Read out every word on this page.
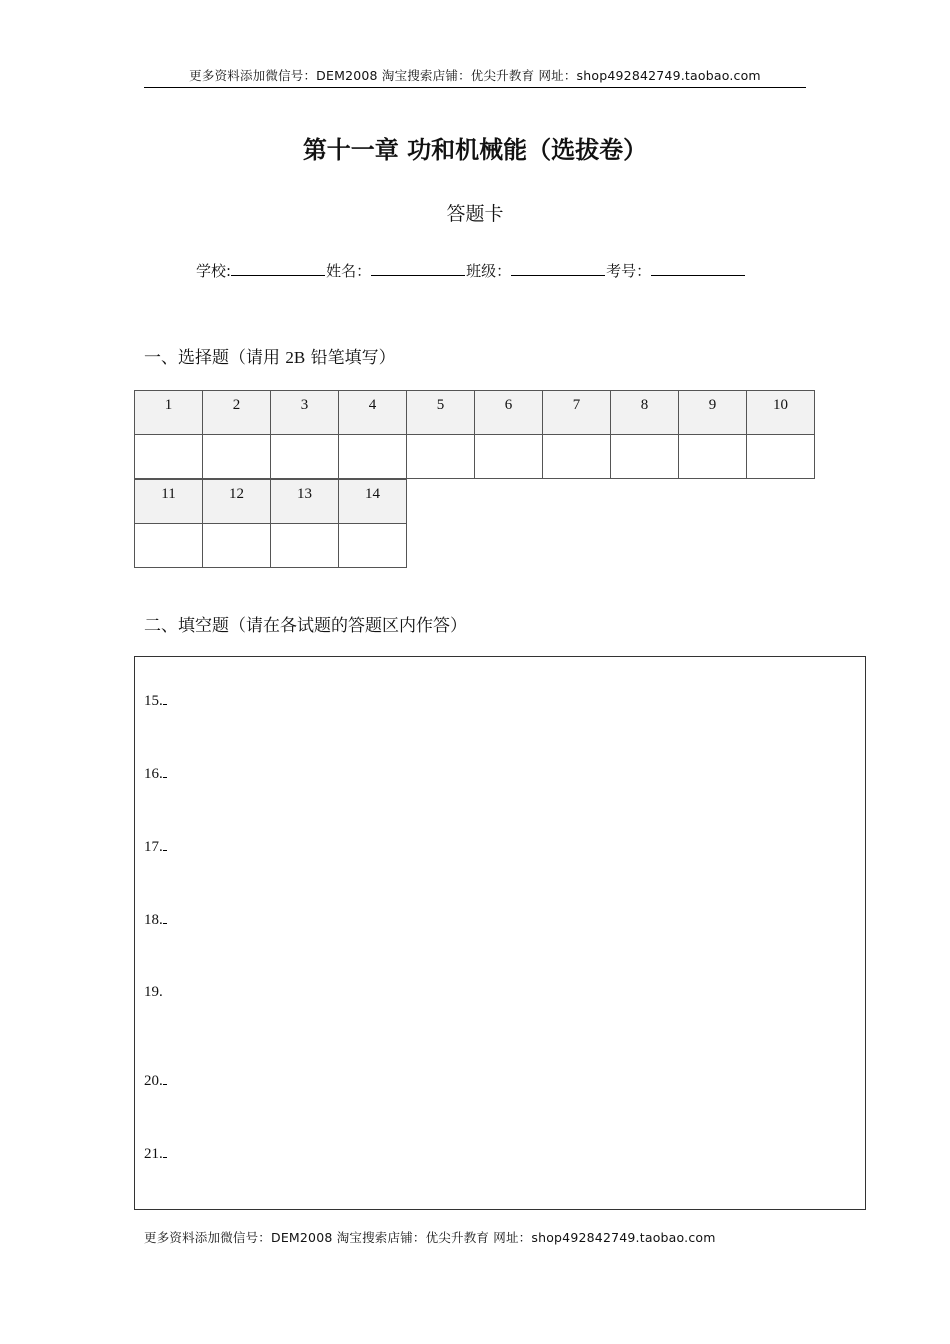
更多资料添加微信号：DEM2008 淘宝搜索店铺：优尖升教育 网址：shop492842749.taobao.com
第十一章 功和机械能（选拔卷）
答题卡
学校:	姓名：	班级：	考号：
一、选择题（请用 2B 铅笔填写）
1	2	3	4	5	6	7	8	9	10

11	12	13	14

二、填空题（请在各试题的答题区内作答）
15.
16.
17.
18.
19.
20.
21.
更多资料添加微信号：DEM2008 淘宝搜索店铺：优尖升教育 网址：shop492842749.taobao.com
